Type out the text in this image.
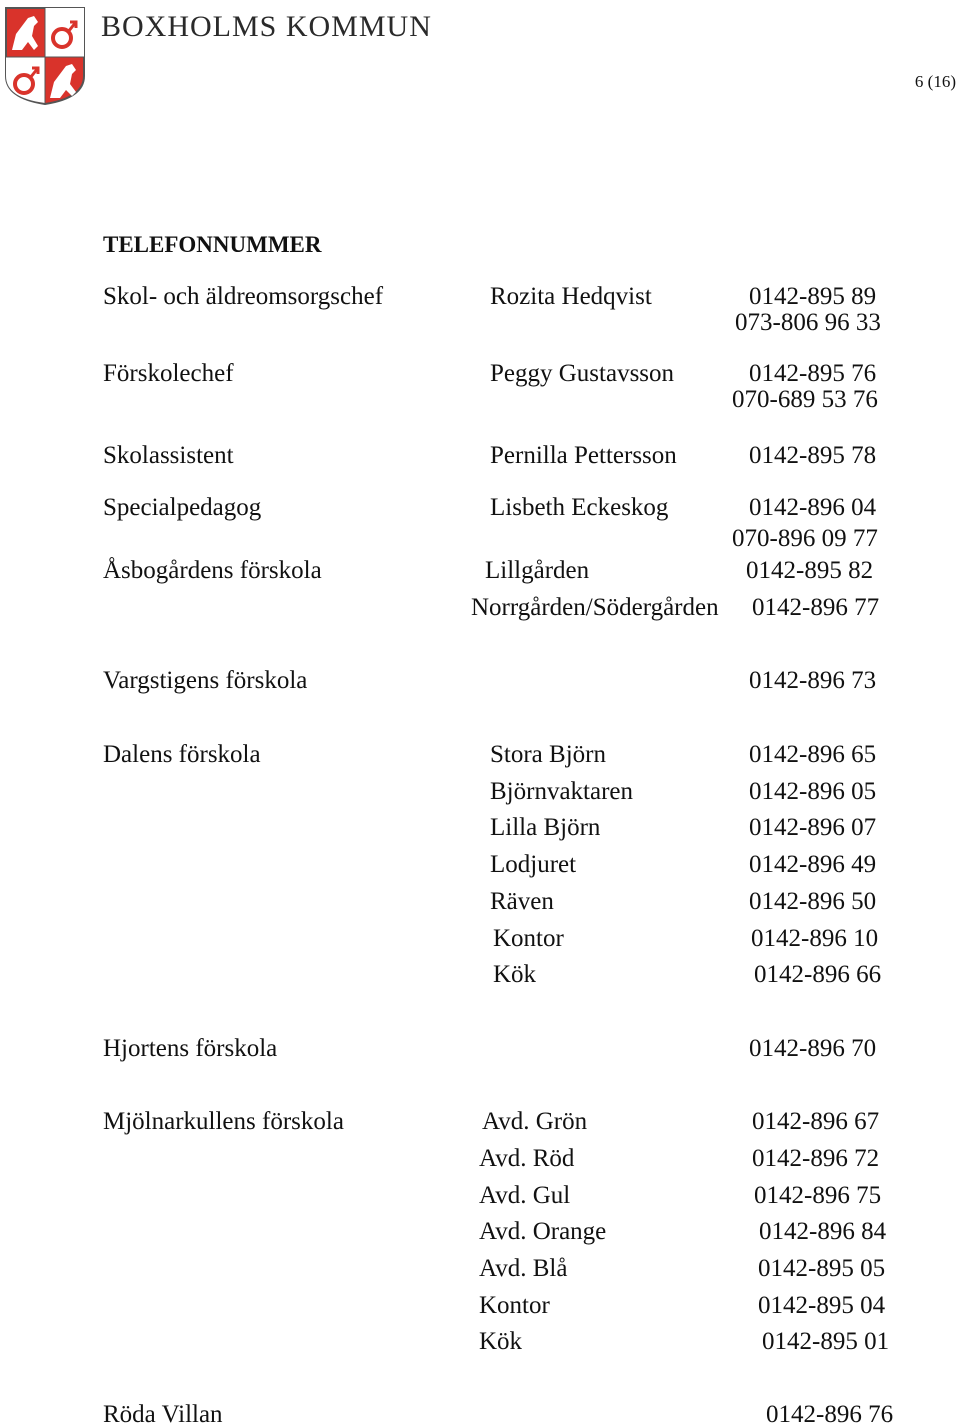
BOXHOLMS KOMMUN
6 (16)
TELEFONNUMMER
Skol- och äldreomsorgschef	Rozita Hedqvist	0142-895 89
073-806 96 33
Förskolechef	Peggy Gustavsson	0142-895 76
070-689 53 76
Skolassistent	Pernilla Pettersson	0142-895 78
Specialpedagog	Lisbeth Eckeskog	0142-896 04
070-896 09 77
Åsbogårdens förskola	Lillgården	0142-895 82
Norrgården/Södergården 0142-896 77
Vargstigens förskola	0142-896 73
Dalens förskola	Stora Björn	0142-896 65
Björnvaktaren	0142-896 05
Lilla Björn	0142-896 07
Lodjuret	0142-896 49
Räven	0142-896 50
Kontor	0142-896 10
Kök	0142-896 66
Hjortens förskola	0142-896 70
Mjölnarkullens förskola	Avd. Grön	0142-896 67
Avd. Röd	0142-896 72
Avd. Gul	0142-896 75
Avd. Orange	0142-896 84
Avd. Blå	0142-895 05
Kontor	0142-895 04
Kök	0142-895 01
Röda Villan	0142-896 76
